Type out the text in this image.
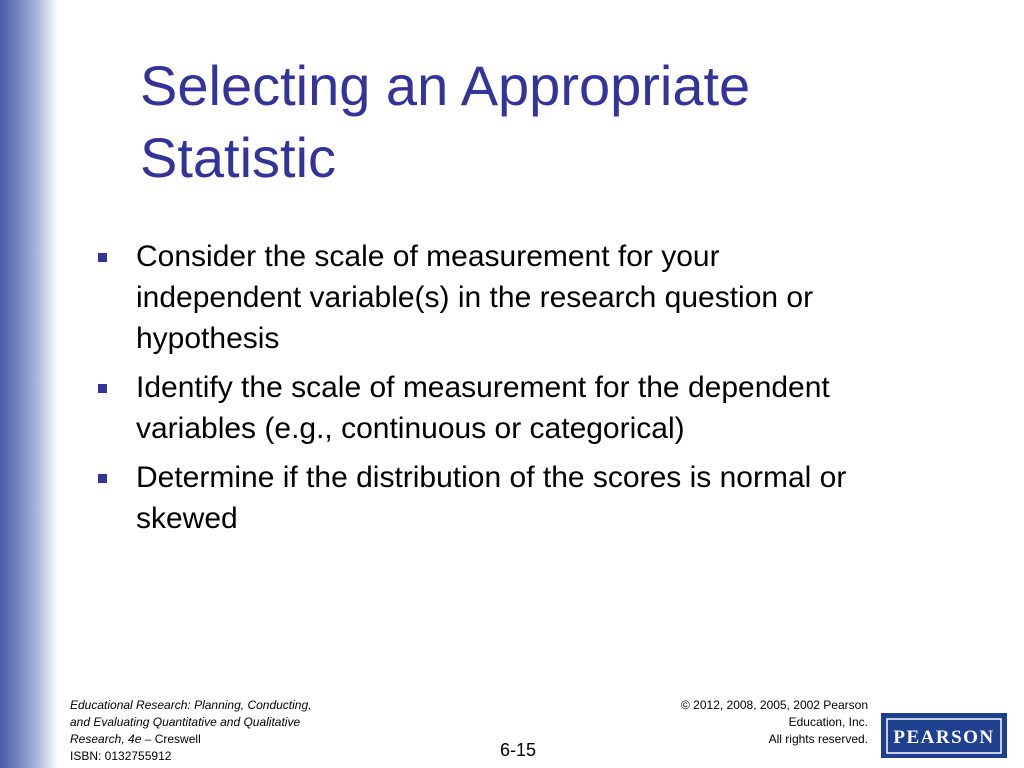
Selecting an Appropriate
Statistic
Consider the scale of measurement for your
independent variable(s) in the research question or
hypothesis
Identify the scale of measurement for the dependent
variables (e.g., continuous or categorical)
Determine if the distribution of the scores is normal or
skewed
Educational Research: Planning, Conducting,
and Evaluating Quantitative and Qualitative
Research, 4e – Creswell
ISBN: 0132755912
© 2012, 2008, 2005, 2002 Pearson
Education, Inc.
All rights reserved.
6-15
PEARSON
